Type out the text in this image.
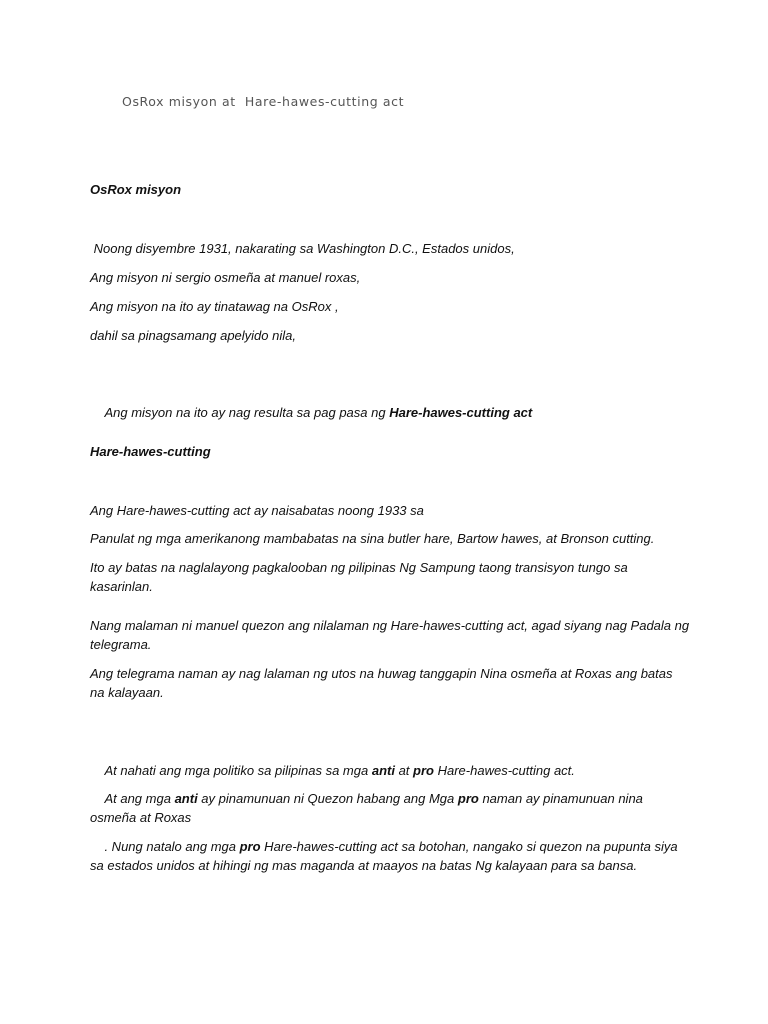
OsRox misyon at  Hare-hawes-cutting act
OsRox misyon
Noong disyembre 1931, nakarating sa Washington D.C., Estados unidos,
Ang misyon ni sergio osmeña at manuel roxas,
Ang misyon na ito ay tinatawag na OsRox ,
dahil sa pinagsamang apelyido nila,

Ang misyon na ito ay nag resulta sa pag pasa ng Hare-hawes-cutting act

Hare-hawes-cutting
Ang Hare-hawes-cutting act ay naisabatas noong 1933 sa
Panulat ng mga amerikanong mambabatas na sina butler hare, Bartow hawes, at Bronson cutting.
Ito ay batas na naglalayong pagkalooban ng pilipinas Ng Sampung taong transisyon tungo sa kasarinlan.
Nang malaman ni manuel quezon ang nilalaman ng Hare-hawes-cutting act, agad siyang nag Padala ng telegrama.
Ang telegrama naman ay nag lalaman ng utos na huwag tanggapin Nina osmeña at Roxas ang batas na kalayaan.

At nahati ang mga politiko sa pilipinas sa mga anti at pro Hare-hawes-cutting act.

At ang mga anti ay pinamunuan ni Quezon habang ang Mga pro naman ay pinamunuan nina osmeña at Roxas

. Nung natalo ang mga pro Hare-hawes-cutting act sa botohan, nangako si quezon na pupunta siya sa estados unidos at hihingi ng mas maganda at maayos na batas Ng kalayaan para sa bansa.
